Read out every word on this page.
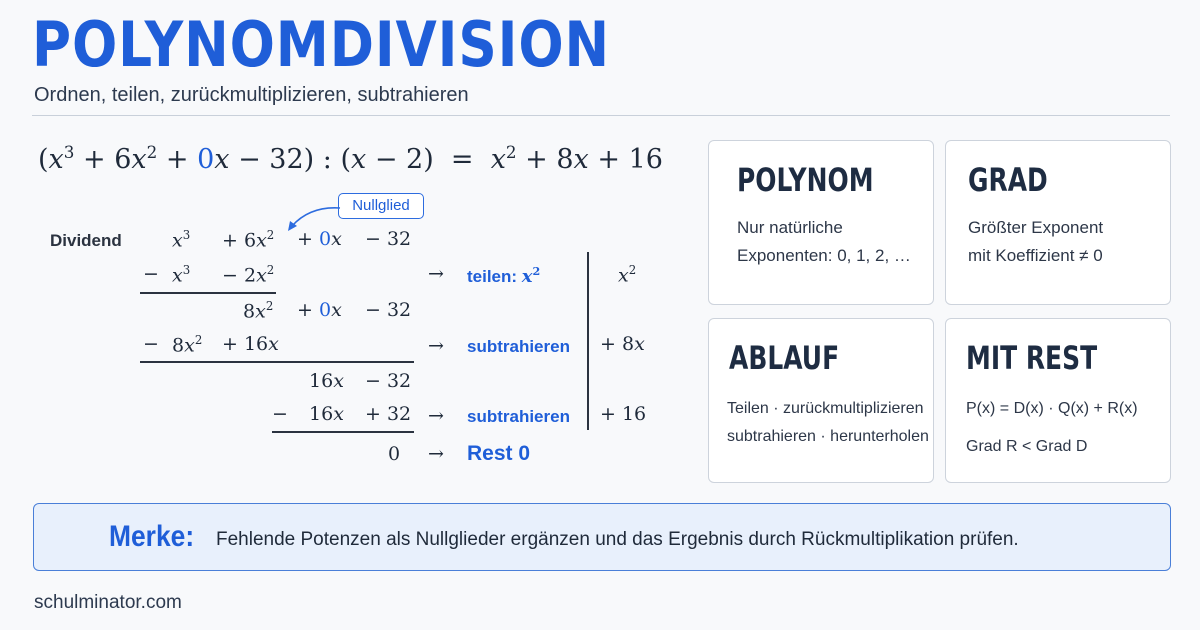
POLYNOMDIVISION
Ordnen, teilen, zurückmultiplizieren, subtrahieren
$(x^3 + 6x^2 + 0x - 32)$ : $(x - 2) = x^2 + 8x + 16$
Dividend
Nullglied
$x^3 + 6x^2 + 0x - 32$
− $x^3 - 2x^2$	→ teilen: $x^2$
$8x^2 + 0x - 32$
− $8x^2 + 16x$	→ subtrahieren
16x − 32
− 16x + 32 → subtrahieren
0 → Rest 0
$x^2$
+ 8x
+ 16
POLYNOM
Nur natürliche
Exponenten: 0, 1, 2, …
GRAD
Größter Exponent
mit Koeffizient ≠ 0
ABLAUF
Teilen · zurückmultiplizieren
subtrahieren · herunterholen
MIT REST
P(x) = D(x) · Q(x) + R(x)
Grad R < Grad D
Merke: Fehlende Potenzen als Nullglieder ergänzen und das Ergebnis durch Rückmultiplikation prüfen.
schulminator.com
